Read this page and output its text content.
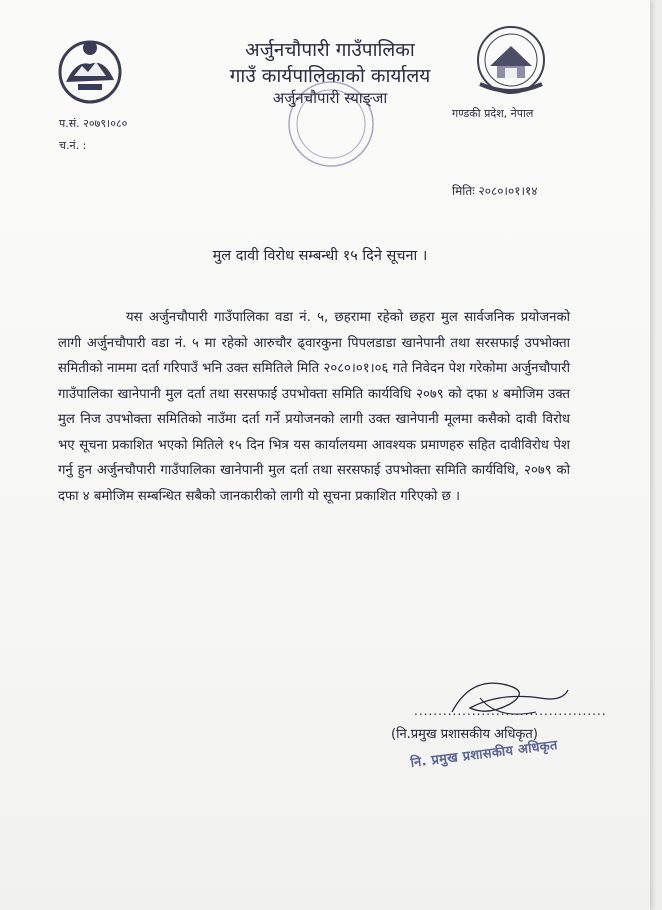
अर्जुनचौपारी गाउँपालिका
गाउँ कार्यपालिकाको कार्यालय
अर्जुनचौपारी स्याङ्जा
प.सं. २०७९।०८०
च.नं. :
गण्डकी प्रदेश, नेपाल
मितिः २०८०।०१।१४
मुल दावी विरोध सम्बन्धी १५ दिने सूचना ।
यस अर्जुनचौपारी गाउँपालिका वडा नं. ५, छहरामा रहेको छहरा मुल सार्वजनिक प्रयोजनको लागी अर्जुनचौपारी वडा नं. ५ मा रहेको आरुचौर ढ्वारकुना पिपलडाडा खानेपानी तथा सरसफाई उपभोक्ता समितीको नाममा दर्ता गरिपाउँ भनि उक्त समितिले मिति २०८०।०१।०६ गते निवेदन पेश गरेकोमा अर्जुनचौपारी गाउँपालिका खानेपानी मुल दर्ता तथा सरसफाई उपभोक्ता समिति कार्यविधि २०७९ को दफा ४ बमोजिम उक्त मुल निज उपभोक्ता समितिको नाउँमा दर्ता गर्ने प्रयोजनको लागी उक्त खानेपानी मूलमा कसैको दावी विरोध भए सूचना प्रकाशित भएको मितिले १५ दिन भित्र यस कार्यालयमा आवश्यक प्रमाणहरु सहित दावीविरोध पेश गर्नु हुन अर्जुनचौपारी गाउँपालिका खानेपानी मुल दर्ता तथा सरसफाई उपभोक्ता समिति कार्यविधि, २०७९ को दफा ४ बमोजिम सम्बन्धित सबैको जानकारीको लागी यो सूचना प्रकाशित गरिएको छ ।
........................................
(नि.प्रमुख प्रशासकीय अधिकृत)
नि. प्रमुख प्रशासकीय अधिकृत
